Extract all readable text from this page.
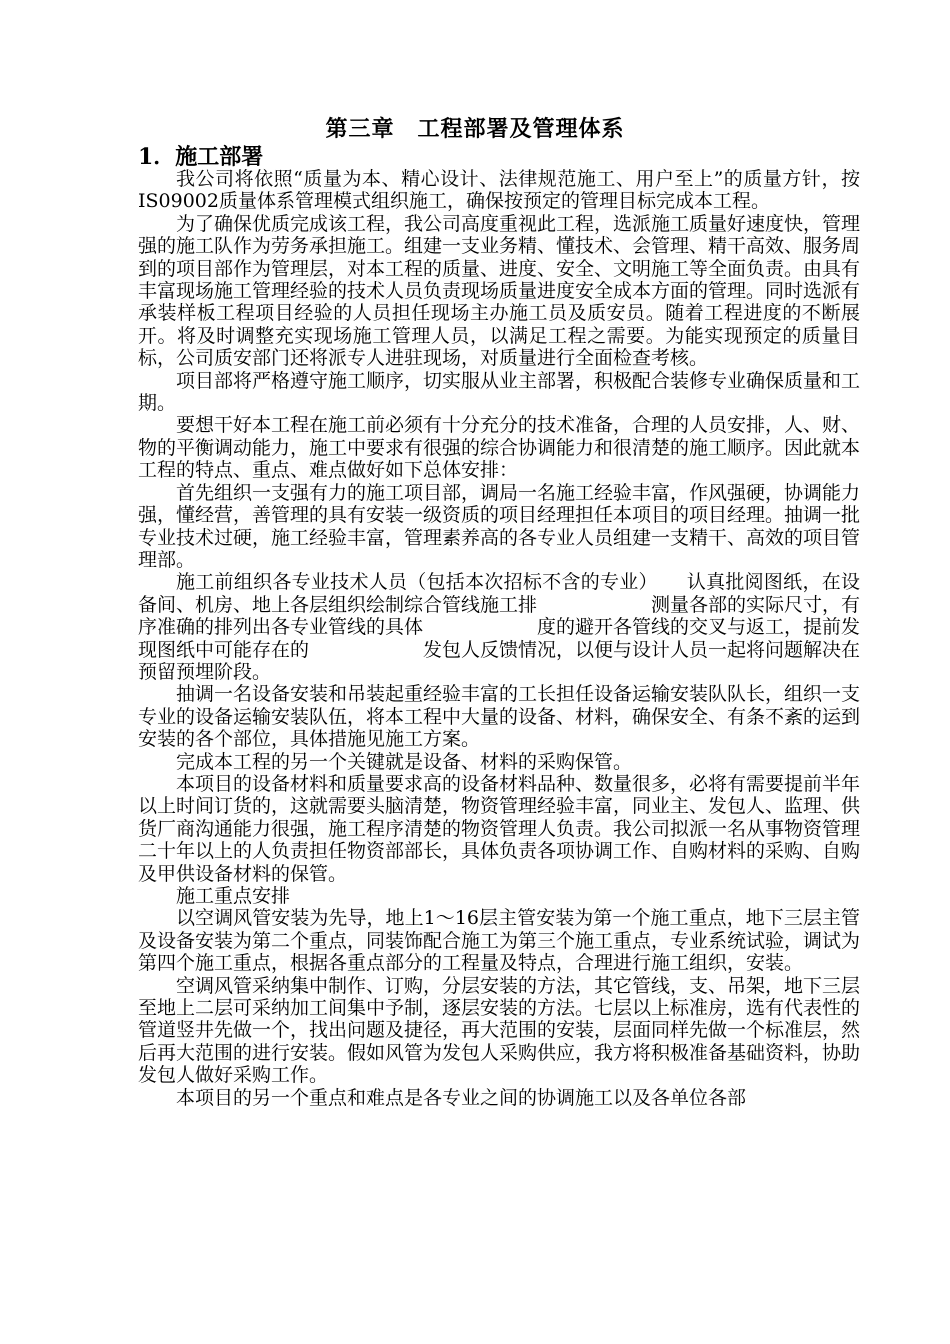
第三章　工程部署及管理体系
1．施工部署

我公司将依照“质量为本、精心设计、法律规范施工、用户至上”的质量方针，按IS09002质量体系管理模式组织施工，确保按预定的管理目标完成本工程。

为了确保优质完成该工程，我公司高度重视此工程，选派施工质量好速度快，管理强的施工队作为劳务承担施工。组建一支业务精、懂技术、会管理、精干高效、服务周到的项目部作为管理层，对本工程的质量、进度、安全、文明施工等全面负责。由具有丰富现场施工管理经验的技术人员负责现场质量进度安全成本方面的管理。同时选派有承装样板工程项目经验的人员担任现场主办施工员及质安员。随着工程进度的不断展开。将及时调整充实现场施工管理人员，以满足工程之需要。为能实现预定的质量目标，公司质安部门还将派专人进驻现场，对质量进行全面检查考核。

项目部将严格遵守施工顺序，切实服从业主部署，积极配合装修专业确保质量和工期。

要想干好本工程在施工前必须有十分充分的技术准备，合理的人员安排，人、财、物的平衡调动能力，施工中要求有很强的综合协调能力和很清楚的施工顺序。因此就本工程的特点、重点、难点做好如下总体安排：

首先组织一支强有力的施工项目部，调局一名施工经验丰富，作风强硬，协调能力强，懂经营，善管理的具有安装一级资质的项目经理担任本项目的项目经理。抽调一批专业技术过硬，施工经验丰富，管理素养高的各专业人员组建一支精干、高效的项目管理部。

施工前组织各专业技术人员（包括本次招标不含的专业）　　认真批阅图纸，在设备间、机房、地上各层组织绘制综合管线施工排　　　　　　测量各部的实际尺寸，有序准确的排列出各专业管线的具体　　　　　　度的避开各管线的交叉与返工，提前发现图纸中可能存在的　　　　　　发包人反馈情况，以便与设计人员一起将问题解决在预留预埋阶段。

抽调一名设备安装和吊装起重经验丰富的工长担任设备运输安装队队长，组织一支专业的设备运输安装队伍，将本工程中大量的设备、材料，确保安全、有条不紊的运到安装的各个部位，具体措施见施工方案。

完成本工程的另一个关键就是设备、材料的采购保管。

本项目的设备材料和质量要求高的设备材料品种、数量很多，必将有需要提前半年以上时间订货的，这就需要头脑清楚，物资管理经验丰富，同业主、发包人、监理、供货厂商沟通能力很强，施工程序清楚的物资管理人负责。我公司拟派一名从事物资管理二十年以上的人负责担任物资部部长，具体负责各项协调工作、自购材料的采购、自购及甲供设备材料的保管。

施工重点安排

以空调风管安装为先导，地上1～16层主管安装为第一个施工重点，地下三层主管及设备安装为第二个重点，同装饰配合施工为第三个施工重点，专业系统试验，调试为第四个施工重点，根据各重点部分的工程量及特点，合理进行施工组织，安装。

空调风管采纳集中制作、订购，分层安装的方法，其它管线，支、吊架，地下三层至地上二层可采纳加工间集中予制，逐层安装的方法。七层以上标准房，选有代表性的管道竖井先做一个，找出问题及捷径，再大范围的安装，层面同样先做一个标准层，然后再大范围的进行安装。假如风管为发包人采购供应，我方将积极准备基础资料，协助发包人做好采购工作。

本项目的另一个重点和难点是各专业之间的协调施工以及各单位各部
